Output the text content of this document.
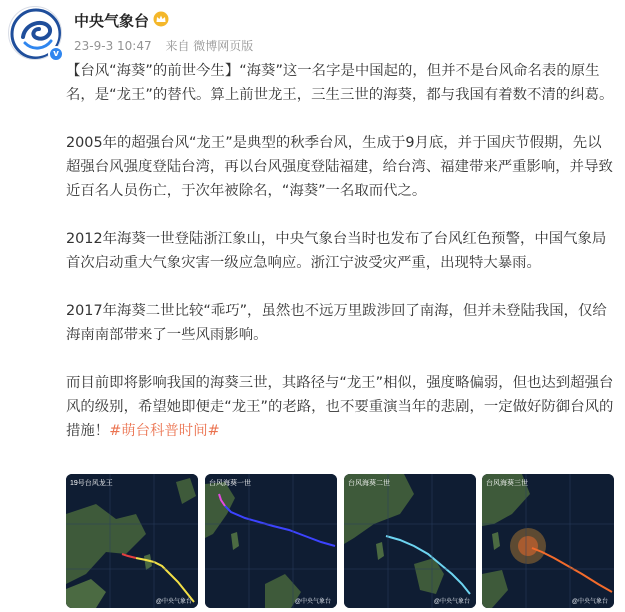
v
中央气象台
23-9-3 10:47 来自 微博网页版

【台风“海葵”的前世今生】“海葵”这一名字是中国起的，但并不是台风命名表的原生名，是“龙王”的替代。算上前世龙王，三生三世的海葵，都与我国有着数不清的纠葛。

2005年的超强台风“龙王”是典型的秋季台风，生成于9月底，并于国庆节假期，先以超强台风强度登陆台湾，再以台风强度登陆福建，给台湾、福建带来严重影响，并导致近百名人员伤亡，于次年被除名，“海葵”一名取而代之。

2012年海葵一世登陆浙江象山，中央气象台当时也发布了台风红色预警，中国气象局首次启动重大气象灾害一级应急响应。浙江宁波受灾严重，出现特大暴雨。

2017年海葵二世比较“乖巧”，虽然也不远万里跋涉回了南海，但并未登陆我国，仅给海南南部带来了一些风雨影响。

而目前即将影响我国的海葵三世，其路径与“龙王”相似，强度略偏弱，但也达到超强台风的级别，希望她即便走“龙王”的老路，也不要重演当年的悲剧，一定做好防御台风的措施！#萌台科普时间#

19号台风龙王
@中央气象台
台风海葵一世
@中央气象台
台风海葵二世
@中央气象台
台风海葵三世
@中央气象台
